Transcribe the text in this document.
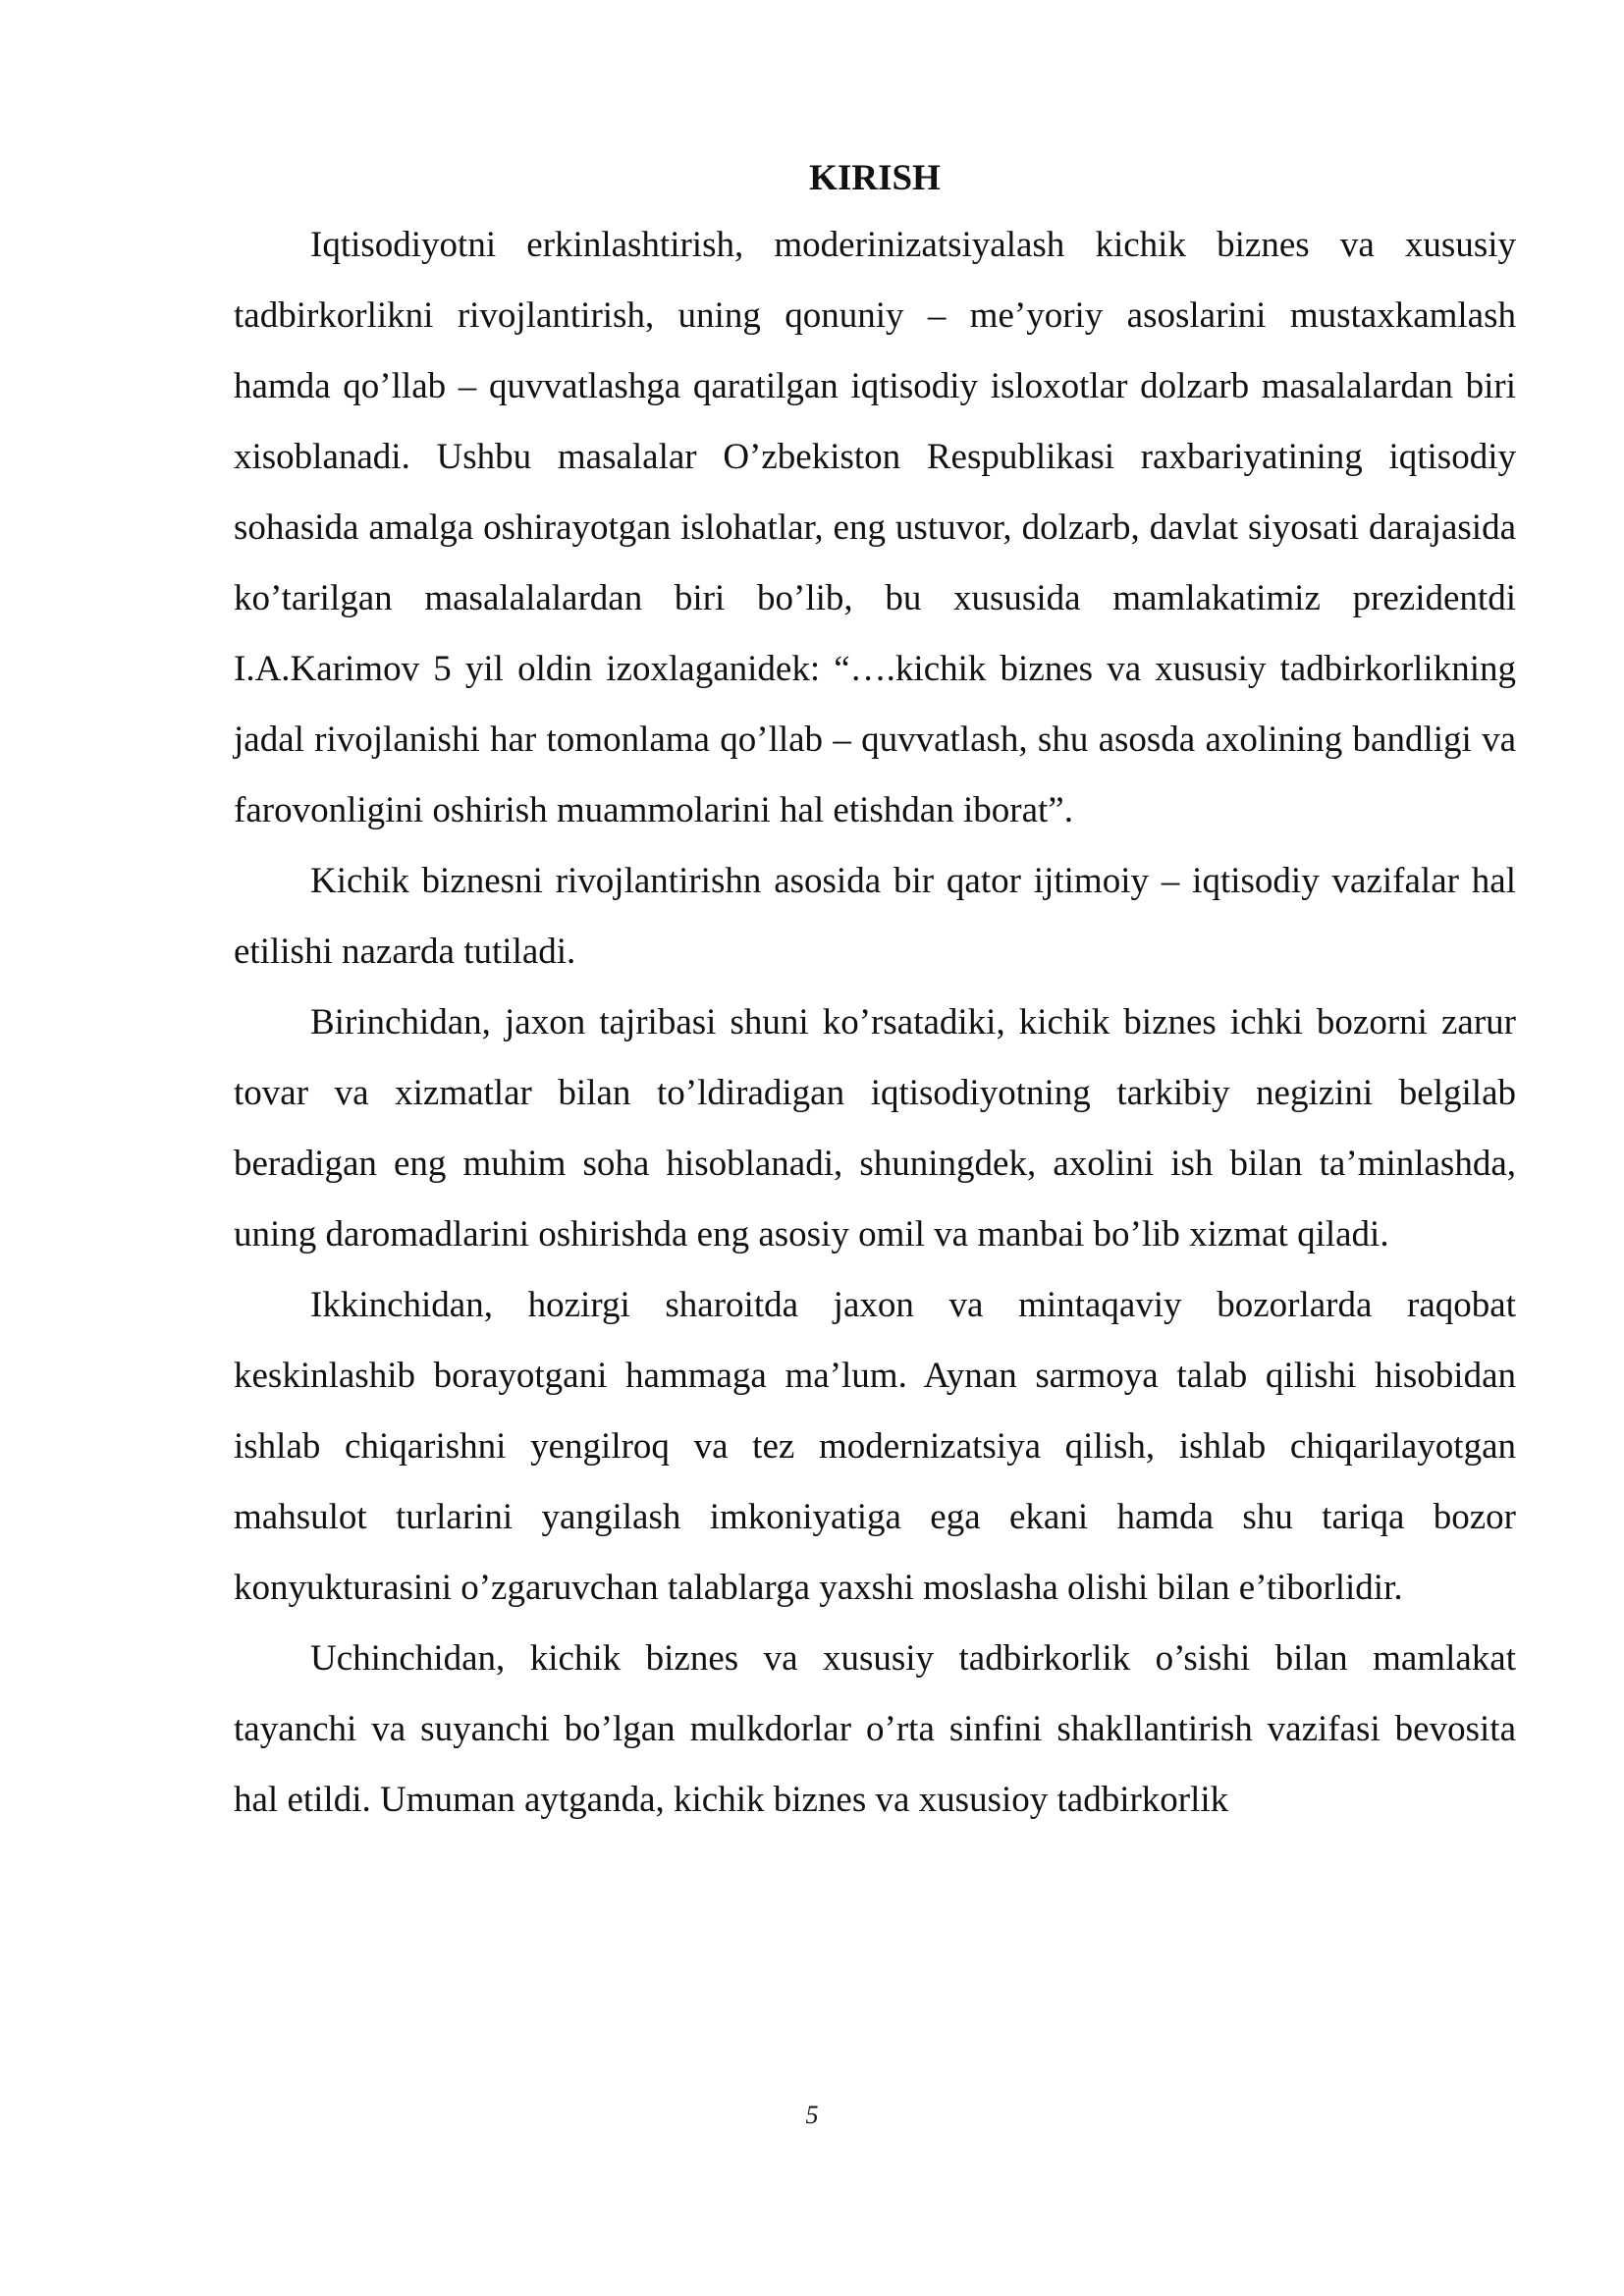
KIRISH

Iqtisodiyotni erkinlashtirish, moderinizatsiyalash kichik biznes va xususiy tadbirkorlikni rivojlantirish, uning qonuniy – me’yoriy asoslarini mustaxkamlash hamda qo’llab – quvvatlashga qaratilgan iqtisodiy isloxotlar dolzarb masalalardan biri xisoblanadi. Ushbu masalalar O’zbekiston Respublikasi raxbariyatining iqtisodiy sohasida amalga oshirayotgan islohatlar, eng ustuvor, dolzarb, davlat siyosati darajasida ko’tarilgan masalalalardan biri bo’lib, bu xususida mamlakatimiz prezidentdi I.A.Karimov 5 yil oldin izoxlaganidek: “….kichik biznes va xususiy tadbirkorlikning jadal rivojlanishi har tomonlama qo’llab – quvvatlash, shu asosda axolining bandligi va farovonligini oshirish muammolarini hal etishdan iborat”.

Kichik biznesni rivojlantirishn asosida bir qator ijtimoiy – iqtisodiy vazifalar hal etilishi nazarda tutiladi.

Birinchidan, jaxon tajribasi shuni ko’rsatadiki, kichik biznes ichki bozorni zarur tovar va xizmatlar bilan to’ldiradigan iqtisodiyotning tarkibiy negizini belgilab beradigan eng muhim soha hisoblanadi, shuningdek, axolini ish bilan ta’minlashda, uning daromadlarini oshirishda eng asosiy omil va manbai bo’lib xizmat qiladi.

Ikkinchidan, hozirgi sharoitda jaxon va mintaqaviy bozorlarda raqobat keskinlashib borayotgani hammaga ma’lum. Aynan sarmoya talab qilishi hisobidan ishlab chiqarishni yengilroq va tez modernizatsiya qilish, ishlab chiqarilayotgan mahsulot turlarini yangilash imkoniyatiga ega ekani hamda shu tariqa bozor konyukturasini o’zgaruvchan talablarga yaxshi moslasha olishi bilan e’tiborlidir.

Uchinchidan, kichik biznes va xususiy tadbirkorlik o’sishi bilan mamlakat tayanchi va suyanchi bo’lgan mulkdorlar o’rta sinfini shakllantirish vazifasi bevosita hal etildi. Umuman aytganda, kichik biznes va xususioy tadbirkorlik

5
